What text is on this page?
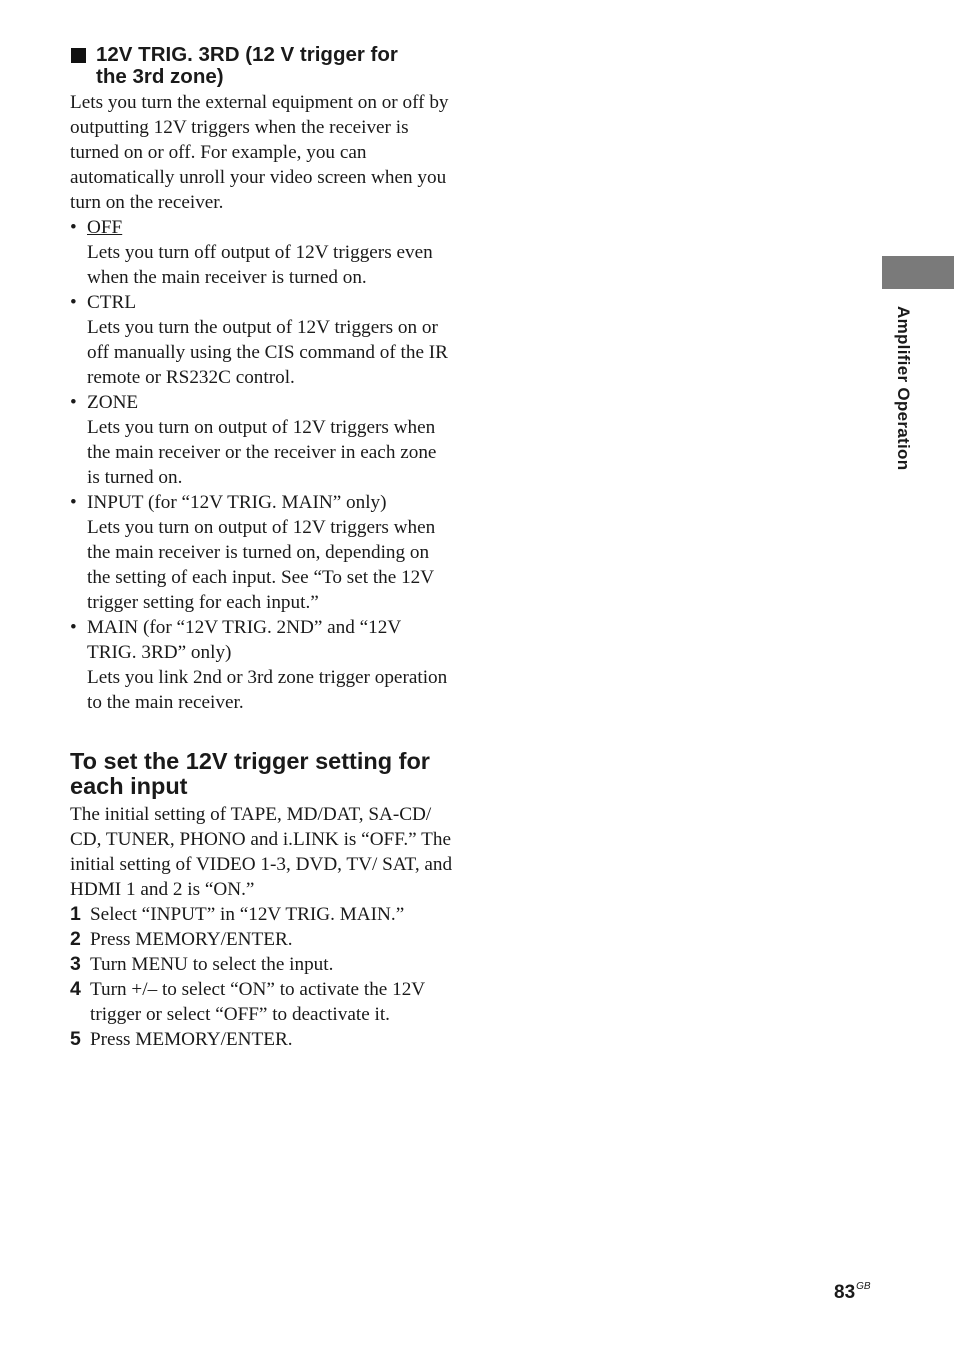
12V TRIG. 3RD (12 V trigger for
the 3rd zone)

Lets you turn the external equipment on or off by outputting 12V triggers when the receiver is turned on or off. For example, you can automatically unroll your video screen when you turn on the receiver.

• OFF
Lets you turn off output of 12V triggers even when the main receiver is turned on.
• CTRL
Lets you turn the output of 12V triggers on or off manually using the CIS command of the IR remote or RS232C control.
• ZONE
Lets you turn on output of 12V triggers when the main receiver or the receiver in each zone is turned on.
• INPUT (for “12V TRIG. MAIN” only)
Lets you turn on output of 12V triggers when the main receiver is turned on, depending on the setting of each input. See “To set the 12V trigger setting for each input.”
• MAIN (for “12V TRIG. 2ND” and “12V TRIG. 3RD” only)
Lets you link 2nd or 3rd zone trigger operation to the main receiver.
To set the 12V trigger setting for
each input

The initial setting of TAPE, MD/DAT, SA-CD/ CD, TUNER, PHONO and i.LINK is “OFF.” The initial setting of VIDEO 1-3, DVD, TV/ SAT, and HDMI 1 and 2 is “ON.”

1 Select “INPUT” in “12V TRIG. MAIN.”
2 Press MEMORY/ENTER.
3 Turn MENU to select the input.
4 Turn +/– to select “ON” to activate the 12V trigger or select “OFF” to deactivate it.
5 Press MEMORY/ENTER.
Amplifier Operation
$83^{GB}$
